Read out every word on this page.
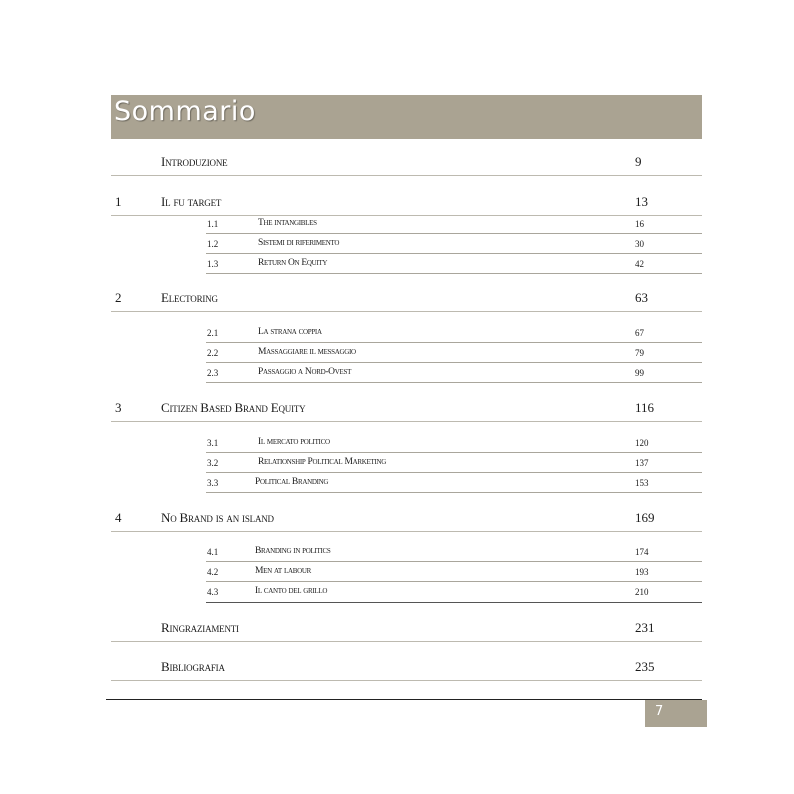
Sommario
Introduzione	9
1	Il fu target	13
1.1	The intangibles	16
1.2	Sistemi di riferimento	30
1.3	Return On Equity	42
2	Electoring	63
2.1	La strana coppia	67
2.2	Massaggiare il messaggio	79
2.3	Passaggio a Nord-Ovest	99
3	Citizen Based Brand Equity	116
3.1	Il mercato politico	120
3.2	Relationship Political Marketing	137
3.3	Political Branding	153
4	No Brand is an island	169
4.1	Branding in politics	174
4.2	Men at labour	193
4.3	Il canto del grillo	210
Ringraziamenti	231
Bibliografia	235
7
